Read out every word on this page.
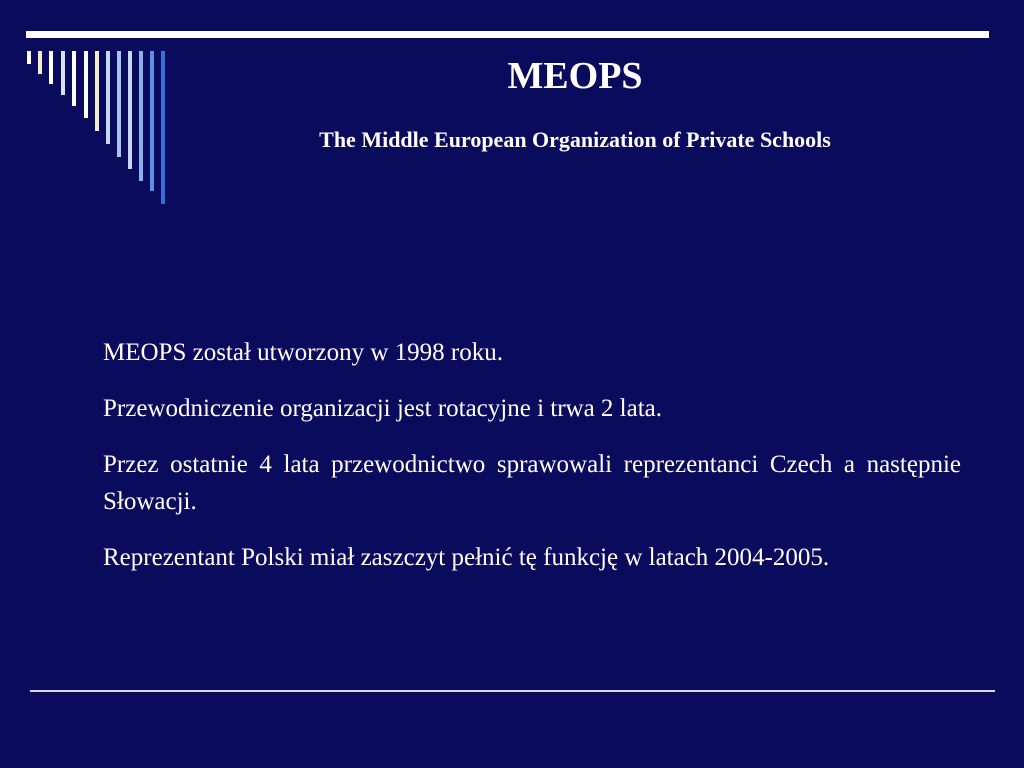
MEOPS
The Middle European Organization of Private Schools

MEOPS został utworzony w 1998 roku.

Przewodniczenie organizacji jest rotacyjne i trwa 2 lata.

Przez ostatnie 4 lata przewodnictwo sprawowali reprezentanci Czech a następnie Słowacji.

Reprezentant Polski miał zaszczyt pełnić tę funkcję w latach 2004-2005.
